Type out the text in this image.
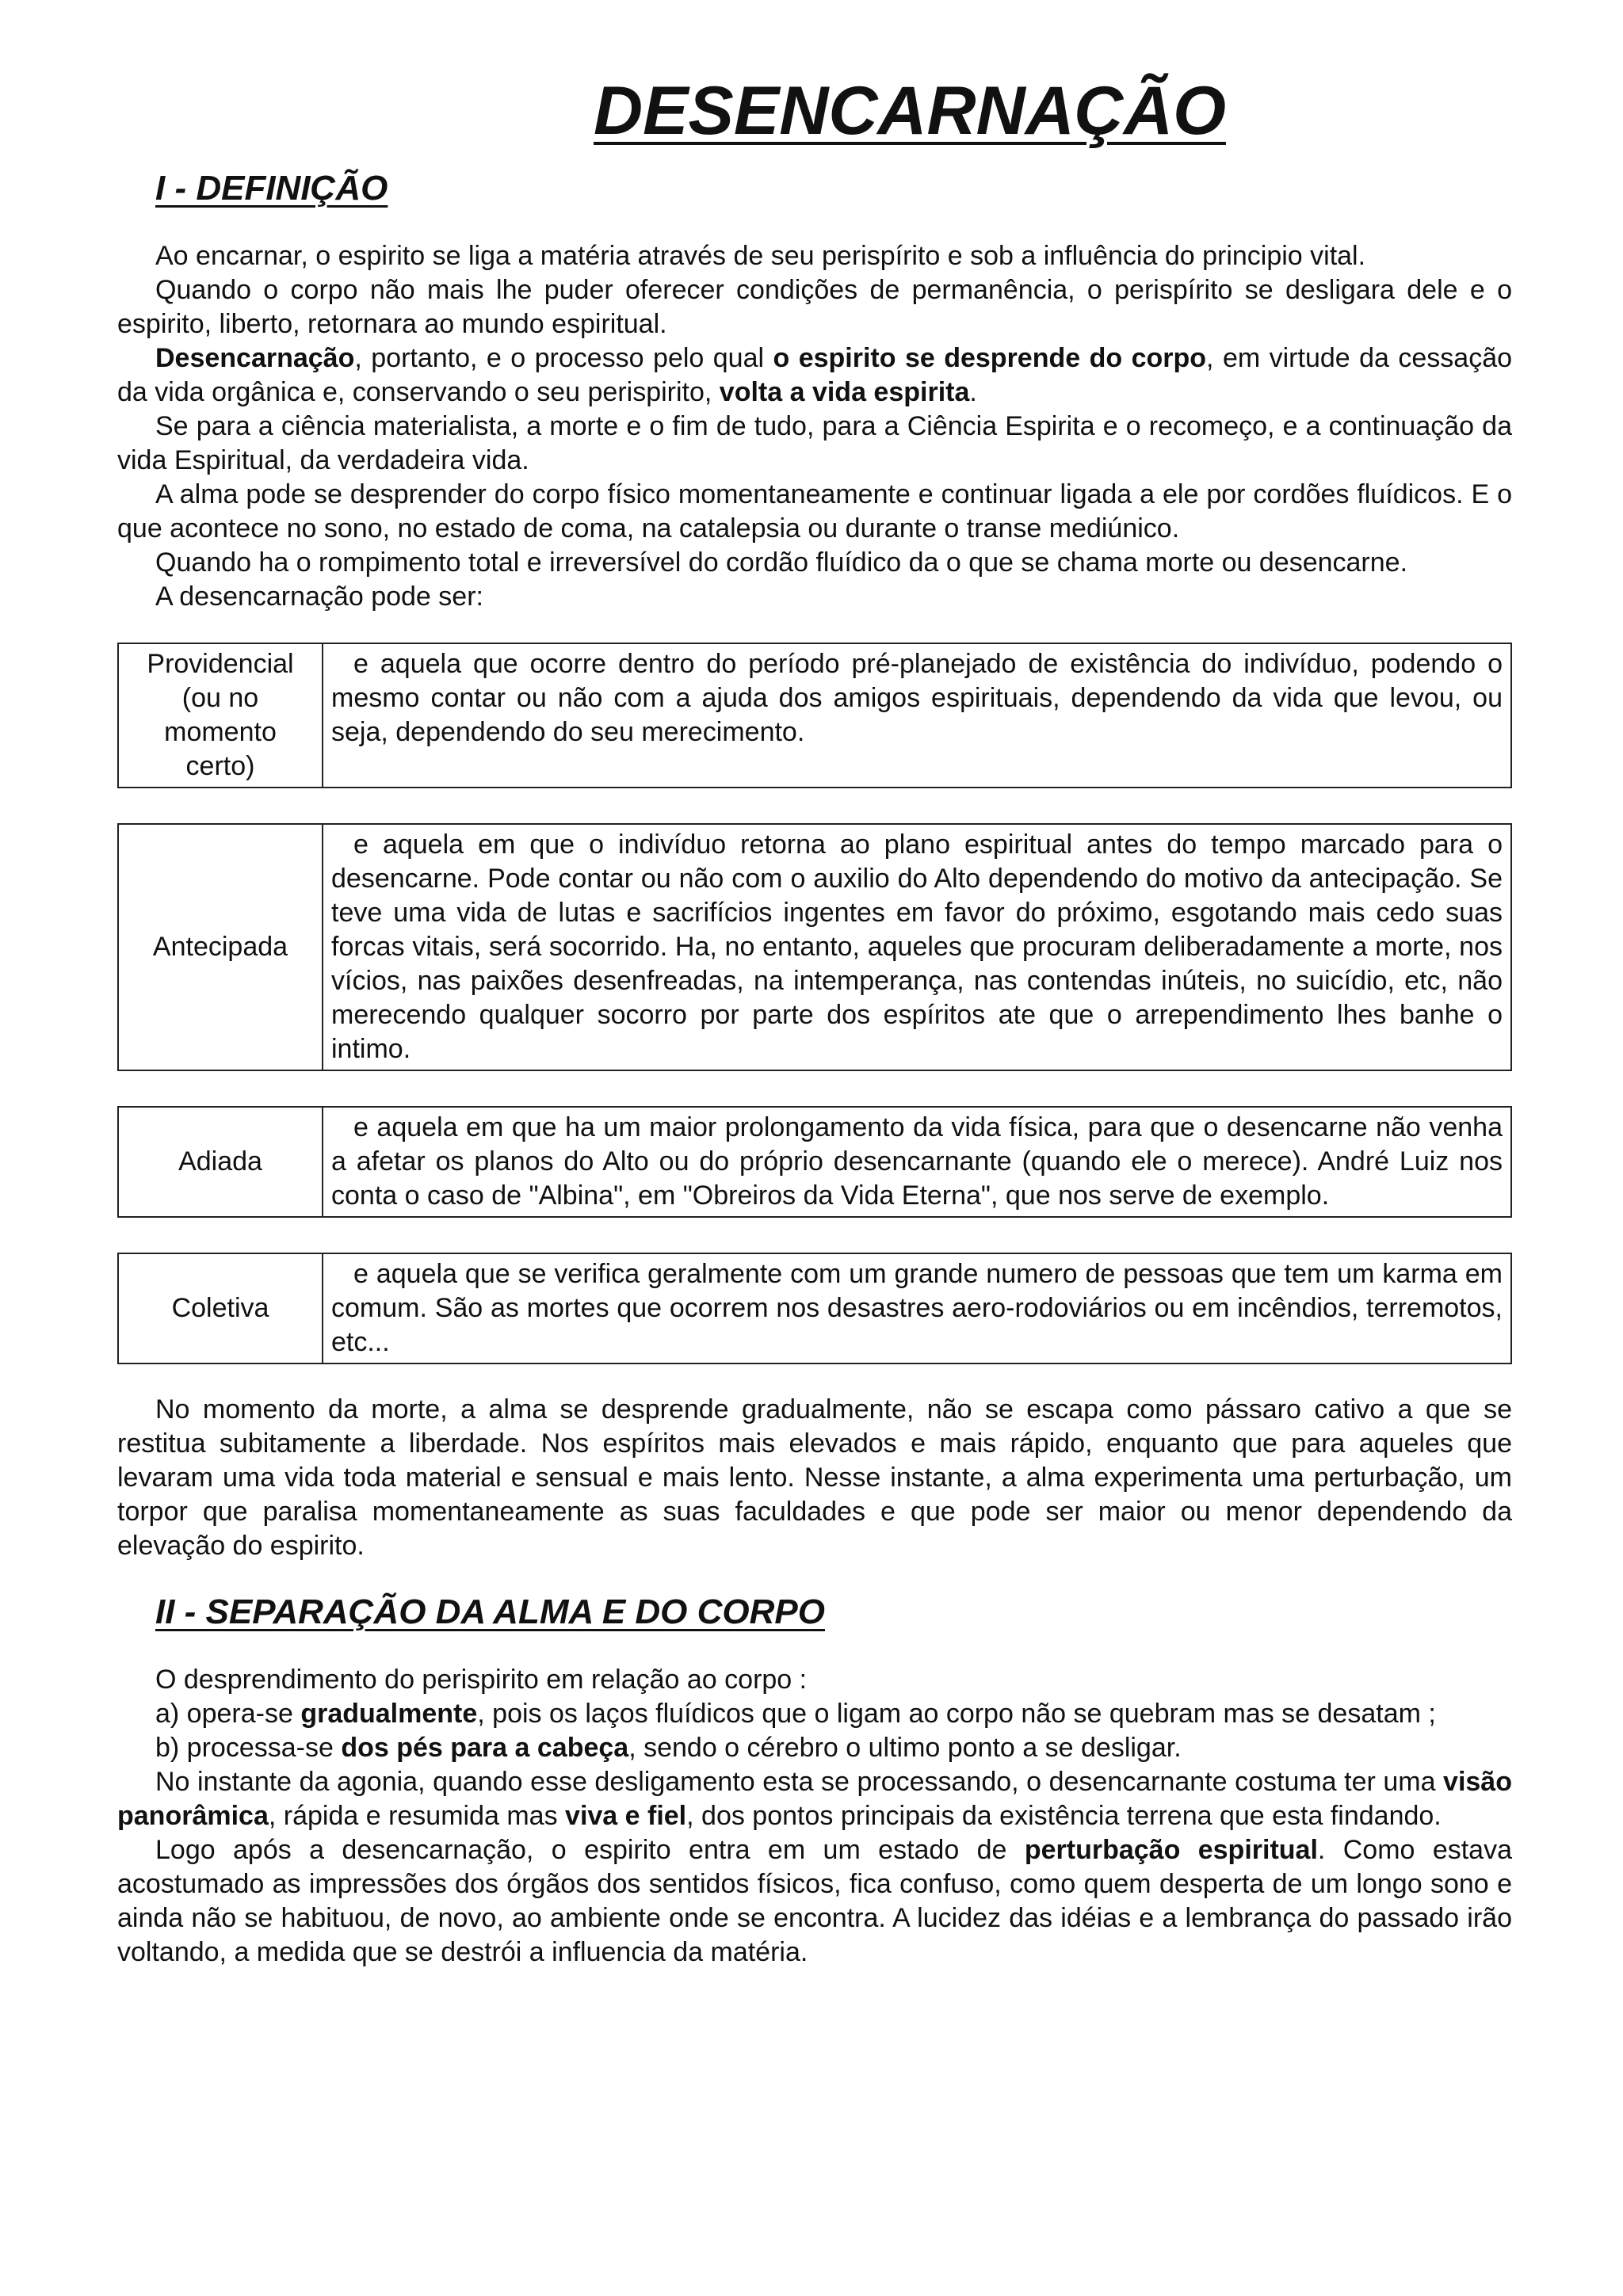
DESENCARNAÇÃO
I - DEFINIÇÃO

Ao encarnar, o espirito se liga a matéria através de seu perispírito e sob a influência do principio vital.

Quando o corpo não mais lhe puder oferecer condições de permanência, o perispírito se desligara dele e o espirito, liberto, retornara ao mundo espiritual.

Desencarnação, portanto, e o processo pelo qual o espirito se desprende do corpo, em virtude da cessação da vida orgânica e, conservando o seu perispirito, volta a vida espirita.

Se para a ciência materialista, a morte e o fim de tudo, para a Ciência Espirita e o recomeço, e a continuação da vida Espiritual, da verdadeira vida.

A alma pode se desprender do corpo físico momentaneamente e continuar ligada a ele por cordões fluídicos. E o que acontece no sono, no estado de coma, na catalepsia ou durante o transe mediúnico.

Quando ha o rompimento total e irreversível do cordão fluídico da o que se chama morte ou desencarne.

A desencarnação pode ser:

Providencial (ou no momento certo)	e aquela que ocorre dentro do período pré-planejado de existência do indivíduo, podendo o mesmo contar ou não com a ajuda dos amigos espirituais, dependendo da vida que levou, ou seja, dependendo do seu merecimento.
Antecipada	e aquela em que o indivíduo retorna ao plano espiritual antes do tempo marcado para o desencarne. Pode contar ou não com o auxilio do Alto dependendo do motivo da antecipação. Se teve uma vida de lutas e sacrifícios ingentes em favor do próximo, esgotando mais cedo suas forcas vitais, será socorrido. Ha, no entanto, aqueles que procuram deliberadamente a morte, nos vícios, nas paixões desenfreadas, na intemperança, nas contendas inúteis, no suicídio, etc, não merecendo qualquer socorro por parte dos espíritos ate que o arrependimento lhes banhe o intimo.
Adiada	e aquela em que ha um maior prolongamento da vida física, para que o desencarne não venha a afetar os planos do Alto ou do próprio desencarnante (quando ele o merece). André Luiz nos conta o caso de "Albina", em "Obreiros da Vida Eterna", que nos serve de exemplo.
Coletiva	e aquela que se verifica geralmente com um grande numero de pessoas que tem um karma em comum. São as mortes que ocorrem nos desastres aero-rodoviários ou em incêndios, terremotos, etc...

No momento da morte, a alma se desprende gradualmente, não se escapa como pássaro cativo a que se restitua subitamente a liberdade. Nos espíritos mais elevados e mais rápido, enquanto que para aqueles que levaram uma vida toda material e sensual e mais lento. Nesse instante, a alma experimenta uma perturbação, um torpor que paralisa momentaneamente as suas faculdades e que pode ser maior ou menor dependendo da elevação do espirito.

II - SEPARAÇÃO DA ALMA E DO CORPO

O desprendimento do perispirito em relação ao corpo :

a) opera-se gradualmente, pois os laços fluídicos que o ligam ao corpo não se quebram mas se desatam ;
b) processa-se dos pés para a cabeça, sendo o cérebro o ultimo ponto a se desligar.

No instante da agonia, quando esse desligamento esta se processando, o desencarnante costuma ter uma visão panorâmica, rápida e resumida mas viva e fiel, dos pontos principais da existência terrena que esta findando.

Logo após a desencarnação, o espirito entra em um estado de perturbação espiritual. Como estava acostumado as impressões dos órgãos dos sentidos físicos, fica confuso, como quem desperta de um longo sono e ainda não se habituou, de novo, ao ambiente onde se encontra. A lucidez das idéias e a lembrança do passado irão voltando, a medida que se destrói a influencia da matéria.
